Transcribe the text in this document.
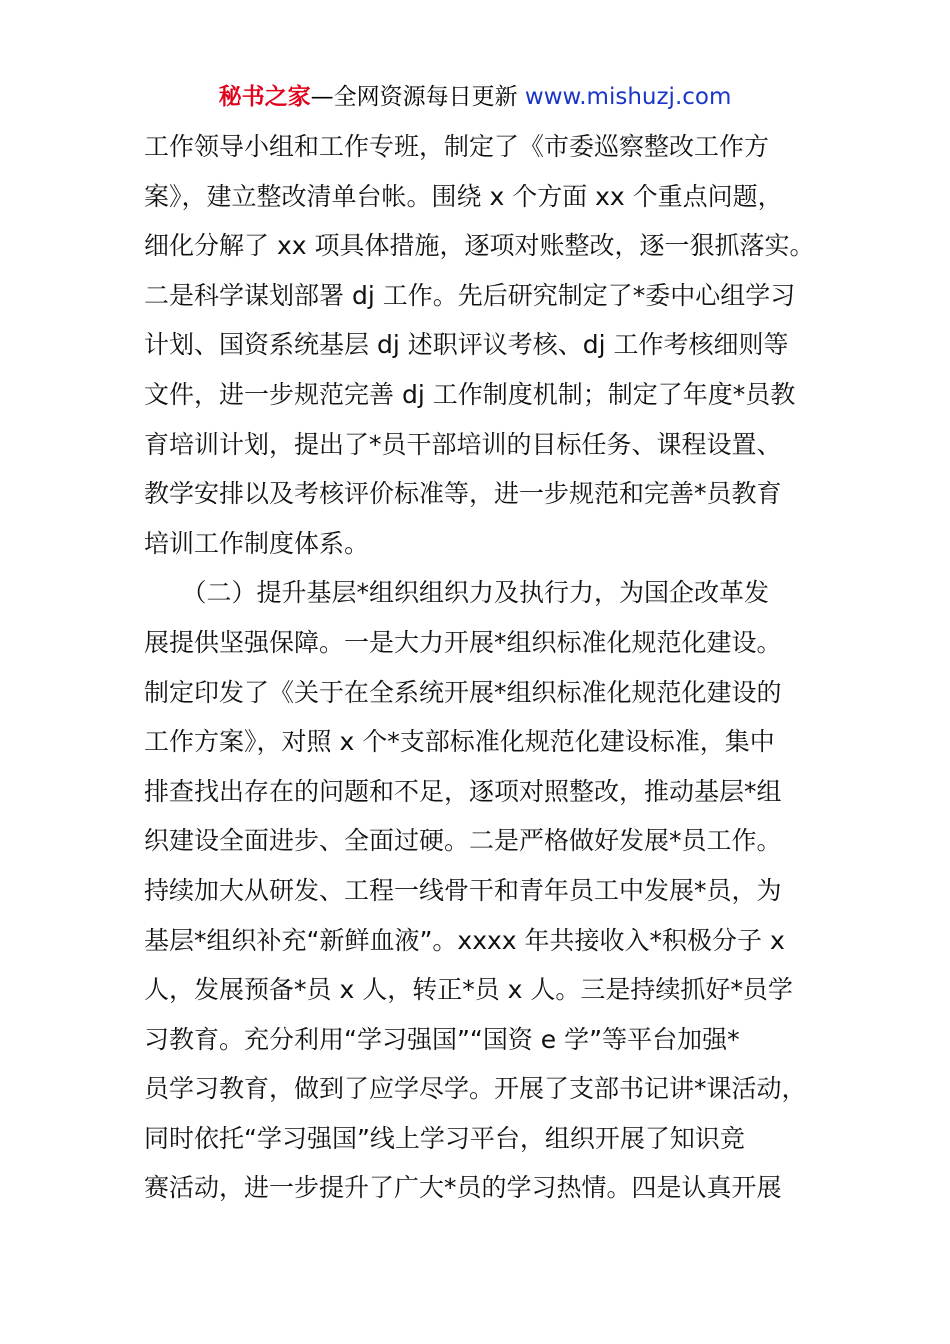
秘书之家—全网资源每日更新 www.mishuzj.com
工作领导小组和工作专班，制定了《市委巡察整改工作方
案》，建立整改清单台帐。围绕 x 个方面 xx 个重点问题，
细化分解了 xx 项具体措施，逐项对账整改，逐一狠抓落实。
二是科学谋划部署 dj 工作。先后研究制定了*委中心组学习
计划、国资系统基层 dj 述职评议考核、dj 工作考核细则等
文件，进一步规范完善 dj 工作制度机制；制定了年度*员教
育培训计划，提出了*员干部培训的目标任务、课程设置、
教学安排以及考核评价标准等，进一步规范和完善*员教育
培训工作制度体系。
　　（二）提升基层*组织组织力及执行力，为国企改革发
展提供坚强保障。一是大力开展*组织标准化规范化建设。
制定印发了《关于在全系统开展*组织标准化规范化建设的
工作方案》，对照 x 个*支部标准化规范化建设标准，集中
排查找出存在的问题和不足，逐项对照整改，推动基层*组
织建设全面进步、全面过硬。二是严格做好发展*员工作。
持续加大从研发、工程一线骨干和青年员工中发展*员，为
基层*组织补充“新鲜血液”。xxxx 年共接收入*积极分子 x
人，发展预备*员 x 人，转正*员 x 人。三是持续抓好*员学
习教育。充分利用“学习强国”“国资 e 学”等平台加强*
员学习教育，做到了应学尽学。开展了支部书记讲*课活动，
同时依托“学习强国”线上学习平台，组织开展了知识竞
赛活动，进一步提升了广大*员的学习热情。四是认真开展
